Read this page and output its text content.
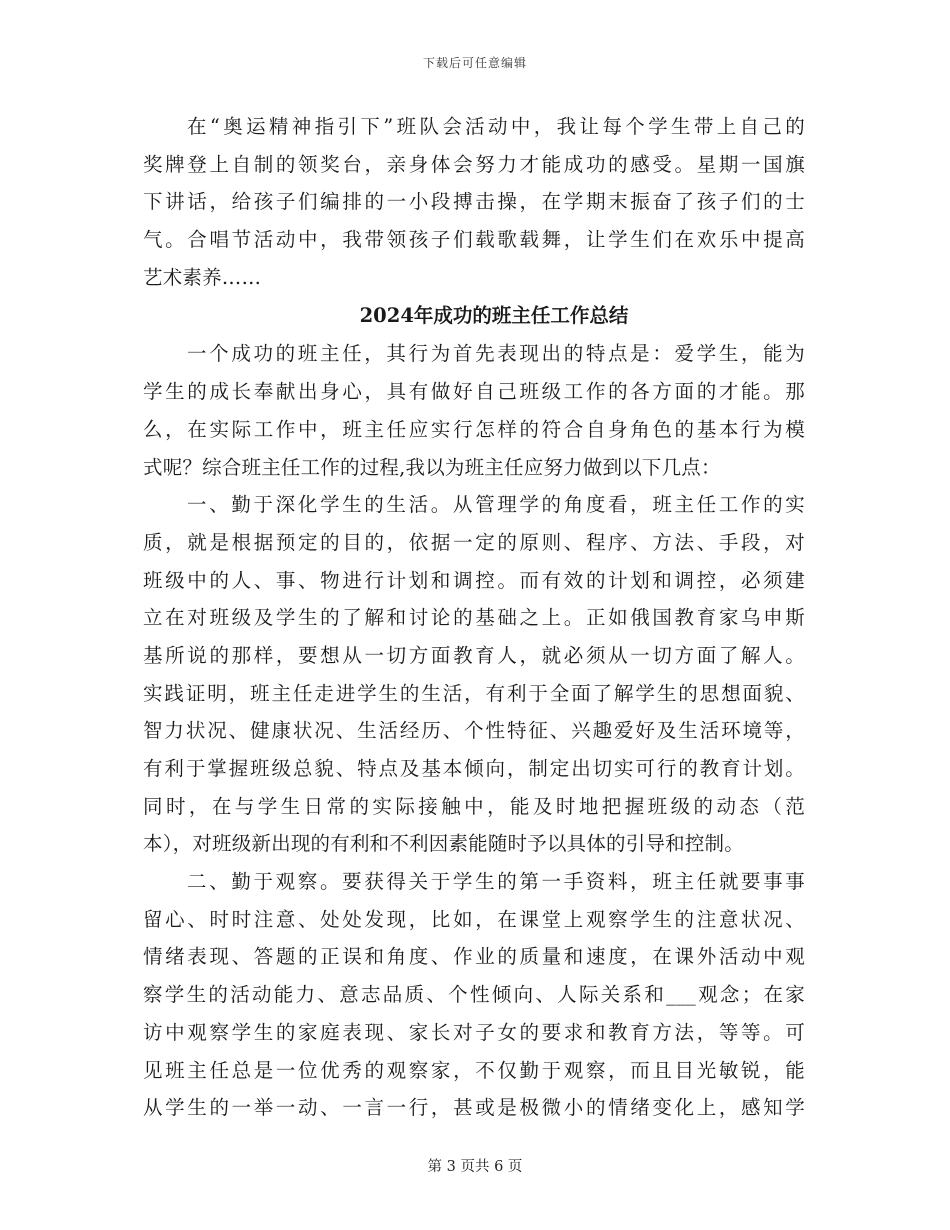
下载后可任意编辑
在“奥运精神指引下”班队会活动中，我让每个学生带上自己的
奖牌登上自制的领奖台，亲身体会努力才能成功的感受。星期一国旗
下讲话，给孩子们编排的一小段搏击操，在学期末振奋了孩子们的士
气。合唱节活动中，我带领孩子们载歌载舞，让学生们在欢乐中提高
艺术素养……
2024年成功的班主任工作总结
一个成功的班主任，其行为首先表现出的特点是：爱学生，能为
学生的成长奉献出身心，具有做好自己班级工作的各方面的才能。那
么，在实际工作中，班主任应实行怎样的符合自身角色的基本行为模
式呢？综合班主任工作的过程,我以为班主任应努力做到以下几点：
一、勤于深化学生的生活。从管理学的角度看，班主任工作的实
质，就是根据预定的目的，依据一定的原则、程序、方法、手段，对
班级中的人、事、物进行计划和调控。而有效的计划和调控，必须建
立在对班级及学生的了解和讨论的基础之上。正如俄国教育家乌申斯
基所说的那样，要想从一切方面教育人，就必须从一切方面了解人。
实践证明，班主任走进学生的生活，有利于全面了解学生的思想面貌、
智力状况、健康状况、生活经历、个性特征、兴趣爱好及生活环境等，
有利于掌握班级总貌、特点及基本倾向，制定出切实可行的教育计划。
同时，在与学生日常的实际接触中，能及时地把握班级的动态（范
本），对班级新出现的有利和不利因素能随时予以具体的引导和控制。
二、勤于观察。要获得关于学生的第一手资料，班主任就要事事
留心、时时注意、处处发现，比如，在课堂上观察学生的注意状况、
情绪表现、答题的正误和角度、作业的质量和速度，在课外活动中观
察学生的活动能力、意志品质、个性倾向、人际关系和___观念；在家
访中观察学生的家庭表现、家长对子女的要求和教育方法，等等。可
见班主任总是一位优秀的观察家，不仅勤于观察，而且目光敏锐，能
从学生的一举一动、一言一行，甚或是极微小的情绪变化上，感知学
第 3 页共 6 页
